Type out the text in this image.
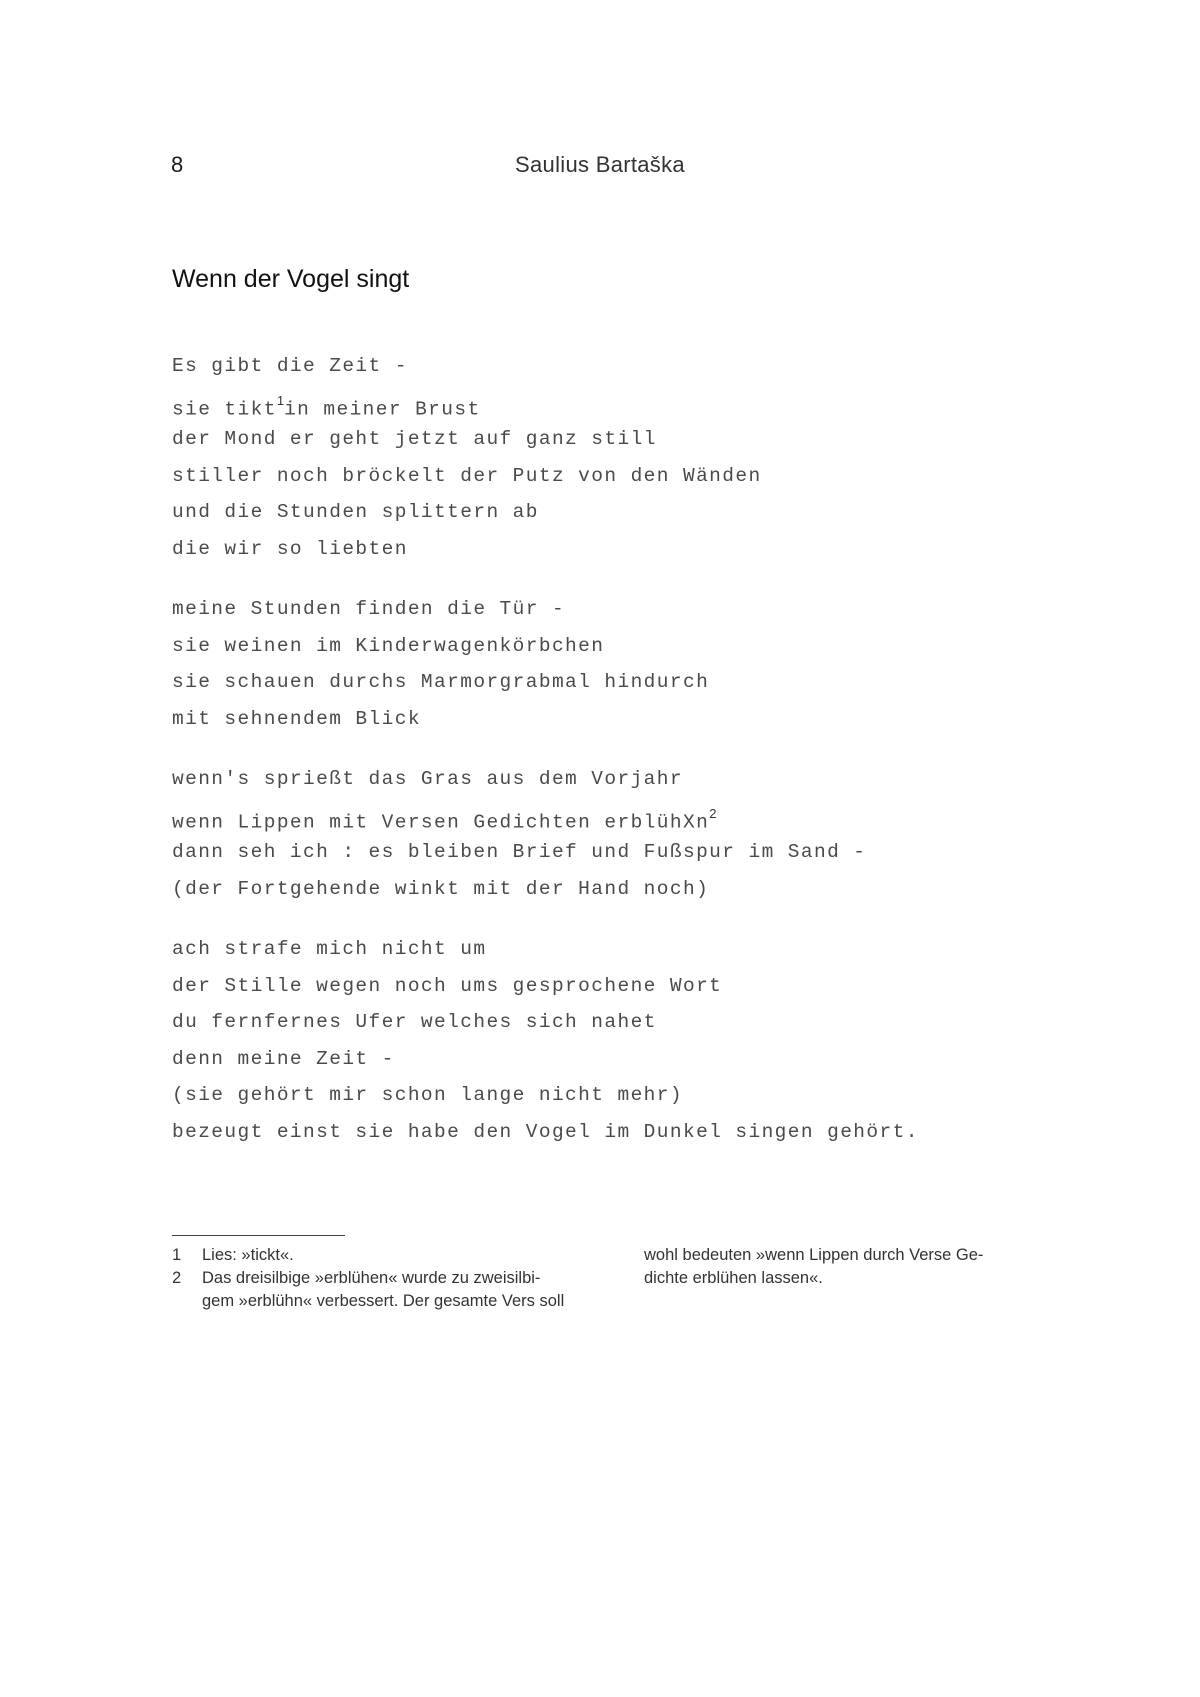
8	Saulius Bartaška
Wenn der Vogel singt
Es gibt die Zeit -
sie tikt$^1$in meiner Brust
der Mond er geht jetzt auf ganz still
stiller noch bröckelt der Putz von den Wänden
und die Stunden splittern ab
die wir so liebten
meine Stunden finden die Tür -
sie weinen im Kinderwagenkörbchen
sie schauen durchs Marmorgrabmal hindurch
mit sehnendem Blick
wenn's sprießt das Gras aus dem Vorjahr
wenn Lippen mit Versen Gedichten erblühXn$^2$
dann seh ich : es bleiben Brief und Fußspur im Sand -
(der Fortgehende winkt mit der Hand noch)
ach strafe mich nicht um
der Stille wegen noch ums gesprochene Wort
du fernfernes Ufer welches sich nahet
denn meine Zeit -
(sie gehört mir schon lange nicht mehr)
bezeugt einst sie habe den Vogel im Dunkel singen gehört.
1 Lies: »tickt«.
2 Das dreisilbige »erblühen« wurde zu zweisilbi-
gem »erblühn« verbessert. Der gesamte Vers soll
wohl bedeuten »wenn Lippen durch Verse Ge-
dichte erblühen lassen«.
